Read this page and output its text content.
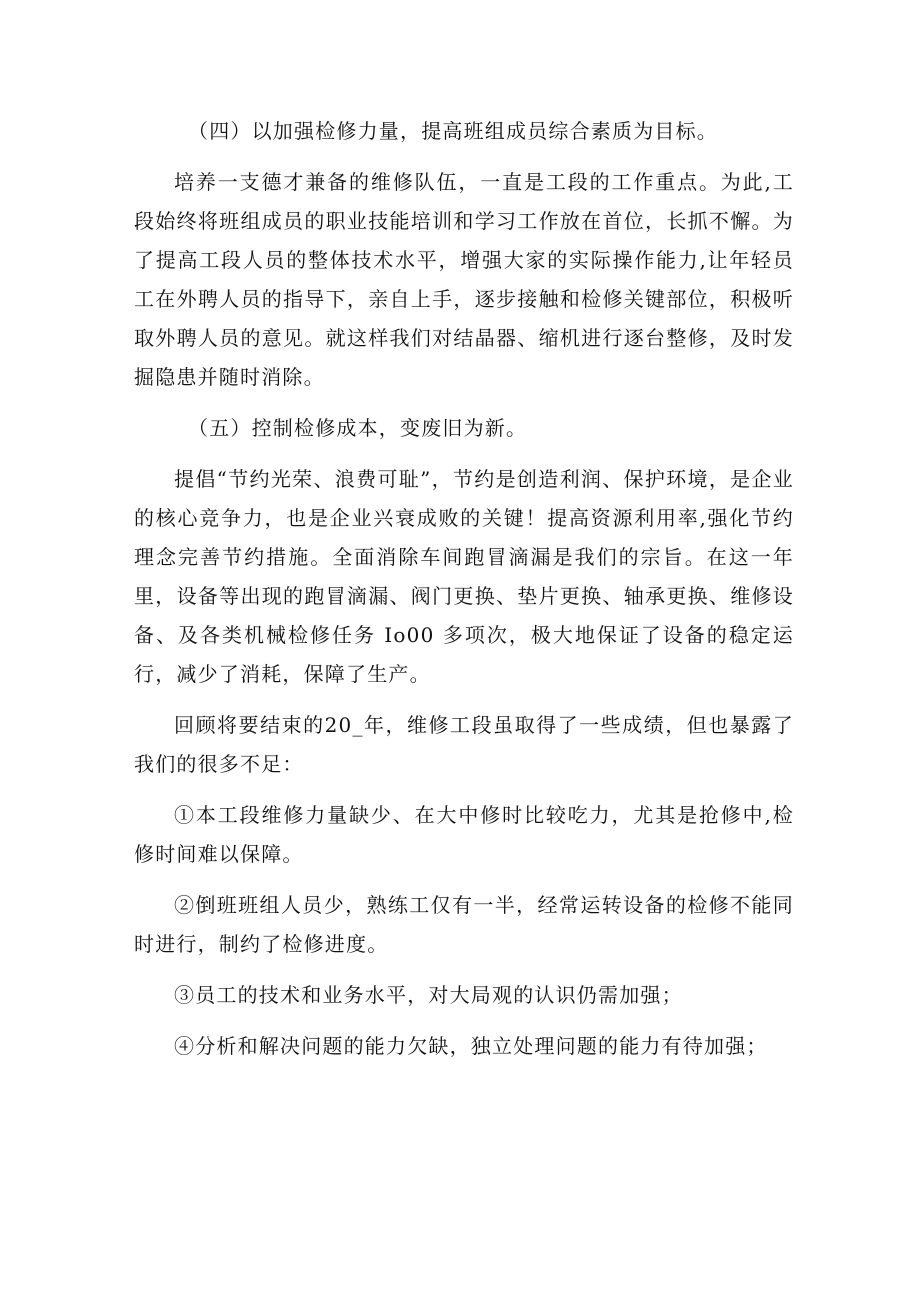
（四）以加强检修力量，提高班组成员综合素质为目标。

培养一支德才兼备的维修队伍，一直是工段的工作重点。为此,工段始终将班组成员的职业技能培训和学习工作放在首位，长抓不懈。为了提高工段人员的整体技术水平，增强大家的实际操作能力,让年轻员工在外聘人员的指导下，亲自上手，逐步接触和检修关键部位，积极听取外聘人员的意见。就这样我们对结晶器、缩机进行逐台整修，及时发掘隐患并随时消除。

（五）控制检修成本，变废旧为新。

提倡“节约光荣、浪费可耻”，节约是创造利润、保护环境，是企业的核心竞争力，也是企业兴衰成败的关键！提高资源利用率,强化节约理念完善节约措施。全面消除车间跑冒滴漏是我们的宗旨。在这一年里，设备等出现的跑冒滴漏、阀门更换、垫片更换、轴承更换、维修设备、及各类机械检修任务 Io00 多项次，极大地保证了设备的稳定运行，减少了消耗，保障了生产。

回顾将要结束的20_年，维修工段虽取得了一些成绩，但也暴露了我们的很多不足：

①本工段维修力量缺少、在大中修时比较吃力，尤其是抢修中,检修时间难以保障。

②倒班班组人员少，熟练工仅有一半，经常运转设备的检修不能同时进行，制约了检修进度。

③员工的技术和业务水平，对大局观的认识仍需加强；

④分析和解决问题的能力欠缺，独立处理问题的能力有待加强；
